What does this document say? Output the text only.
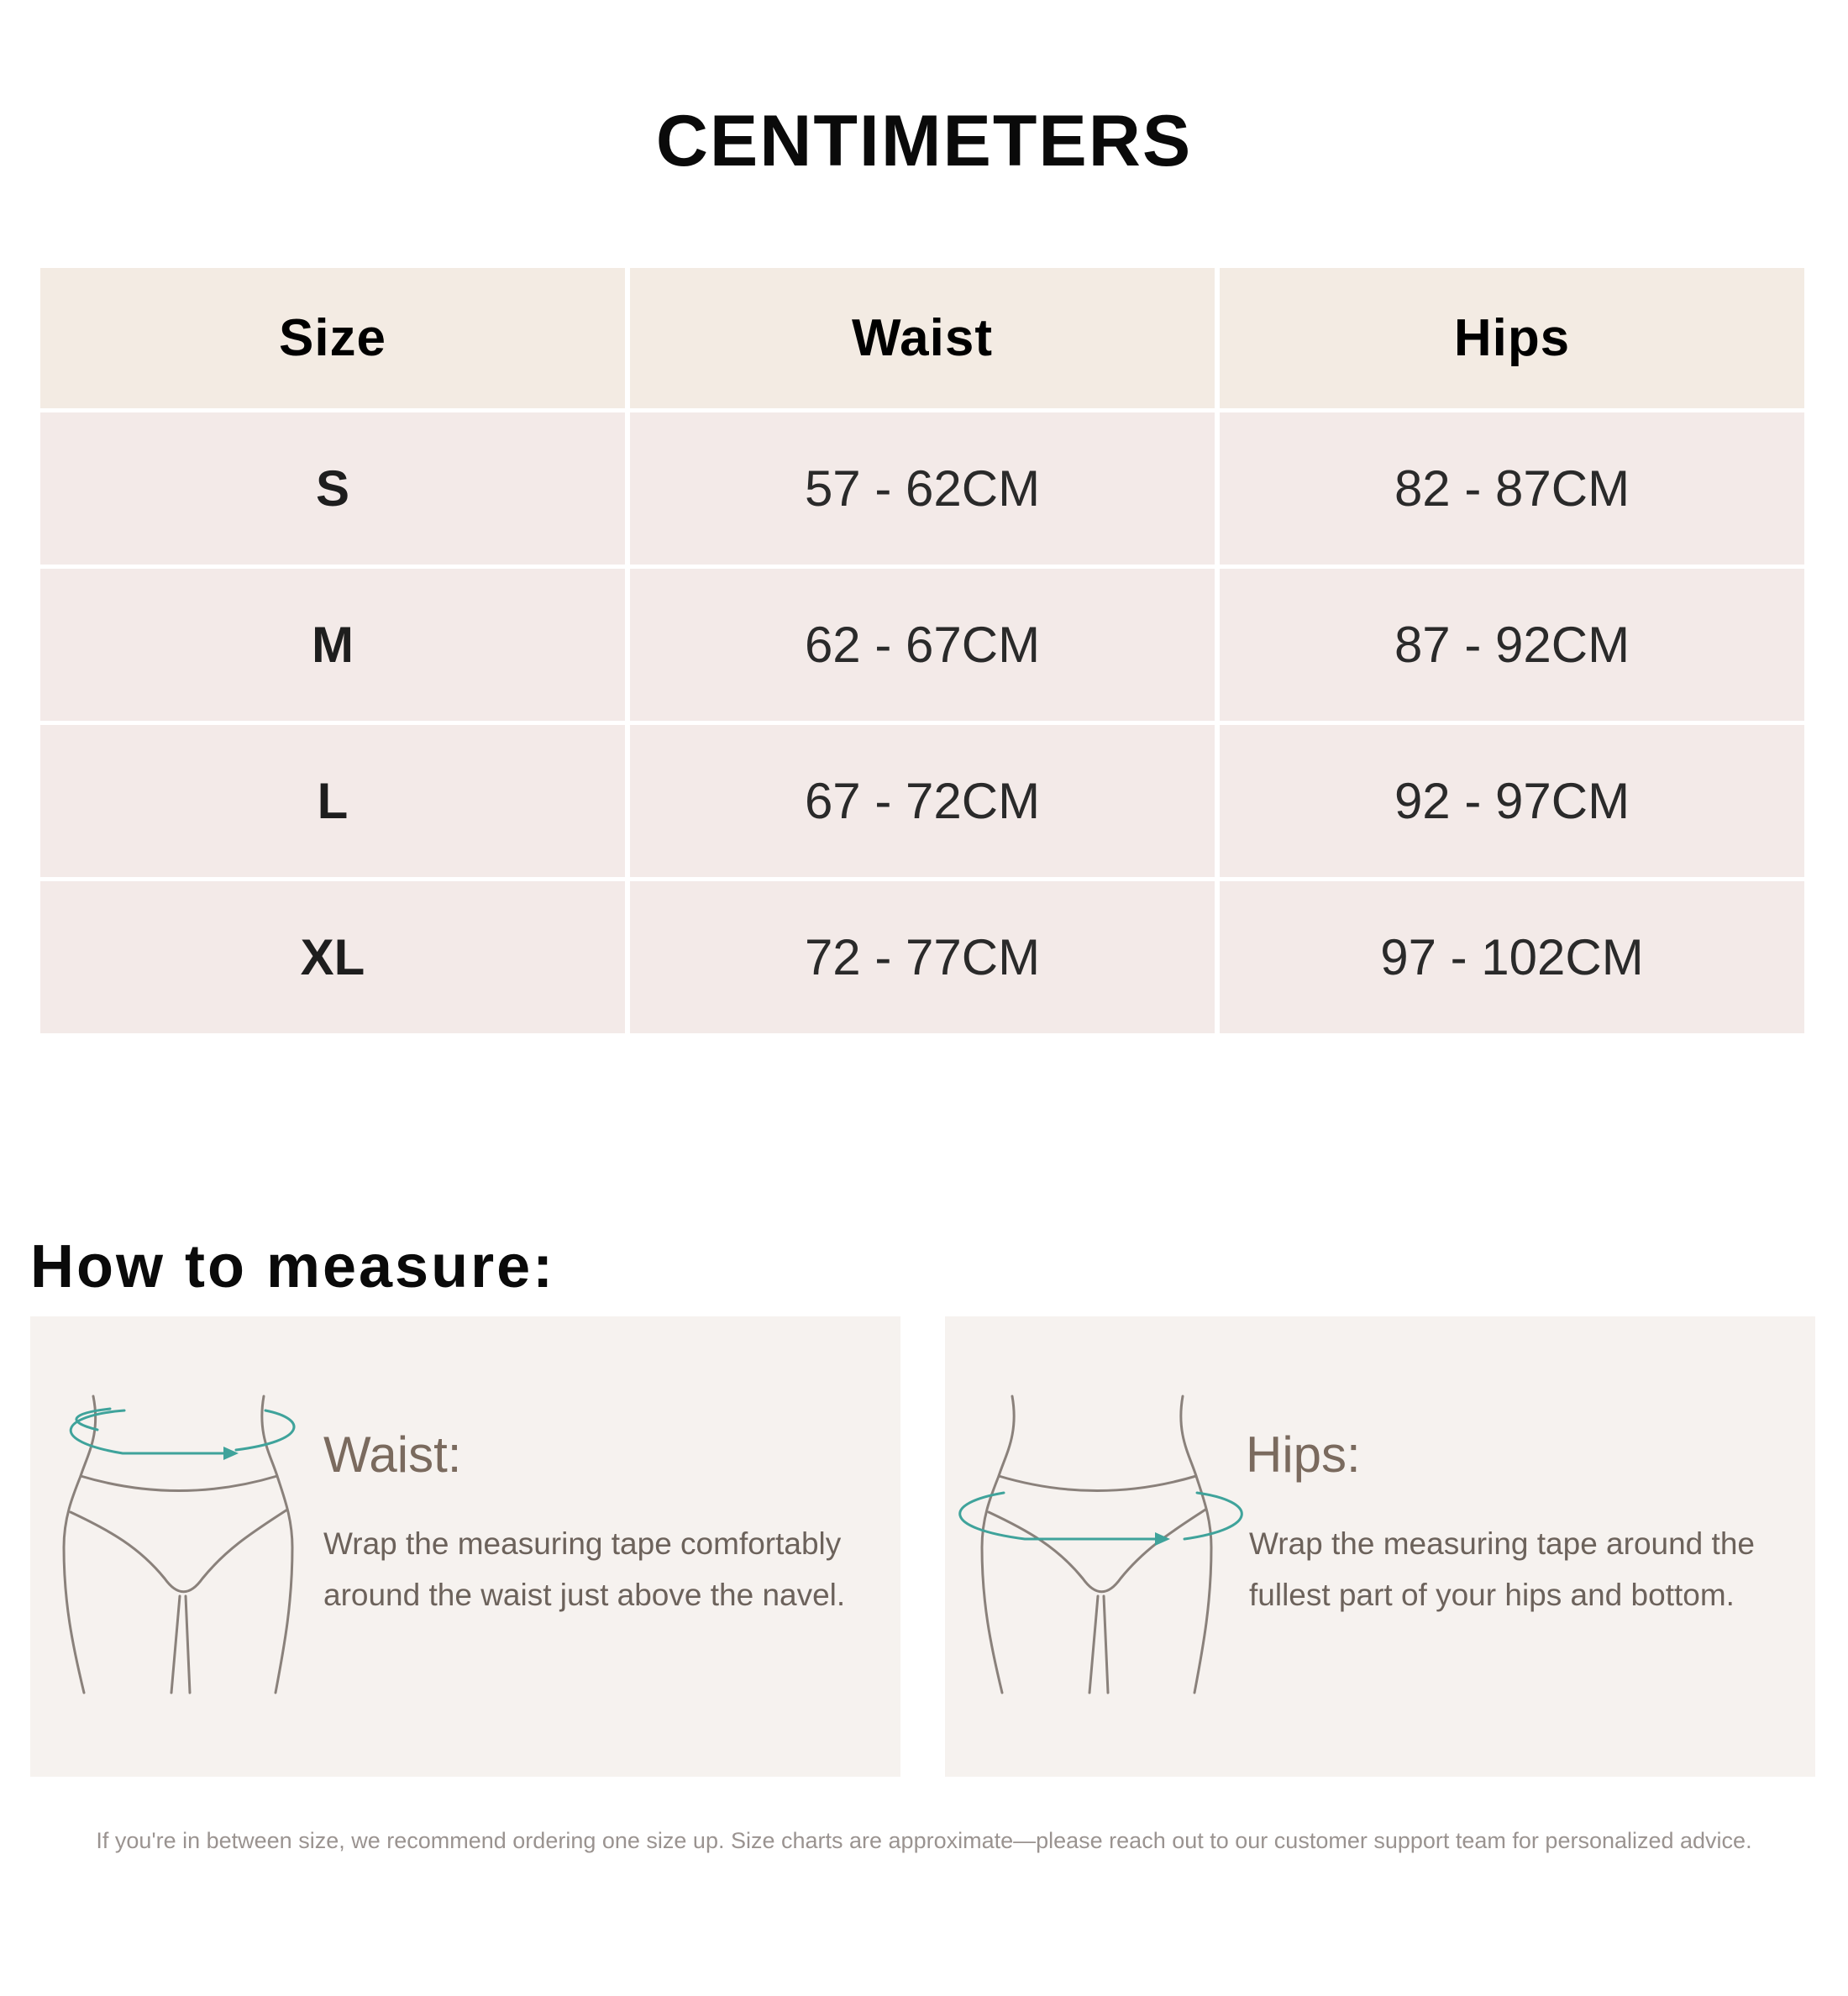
CENTIMETERS
Size	Waist	Hips
S	57 - 62CM	82 - 87CM
M	62 - 67CM	87 - 92CM
L	67 - 72CM	92 - 97CM
XL	72 - 77CM	97 - 102CM
How to measure:
Waist:
Wrap the measuring tape comfortably around the waist just above the navel.
Hips:
Wrap the measuring tape around the fullest part of your hips and bottom.
If you're in between size, we recommend ordering one size up. Size charts are approximate—please reach out to our customer support team for personalized advice.
